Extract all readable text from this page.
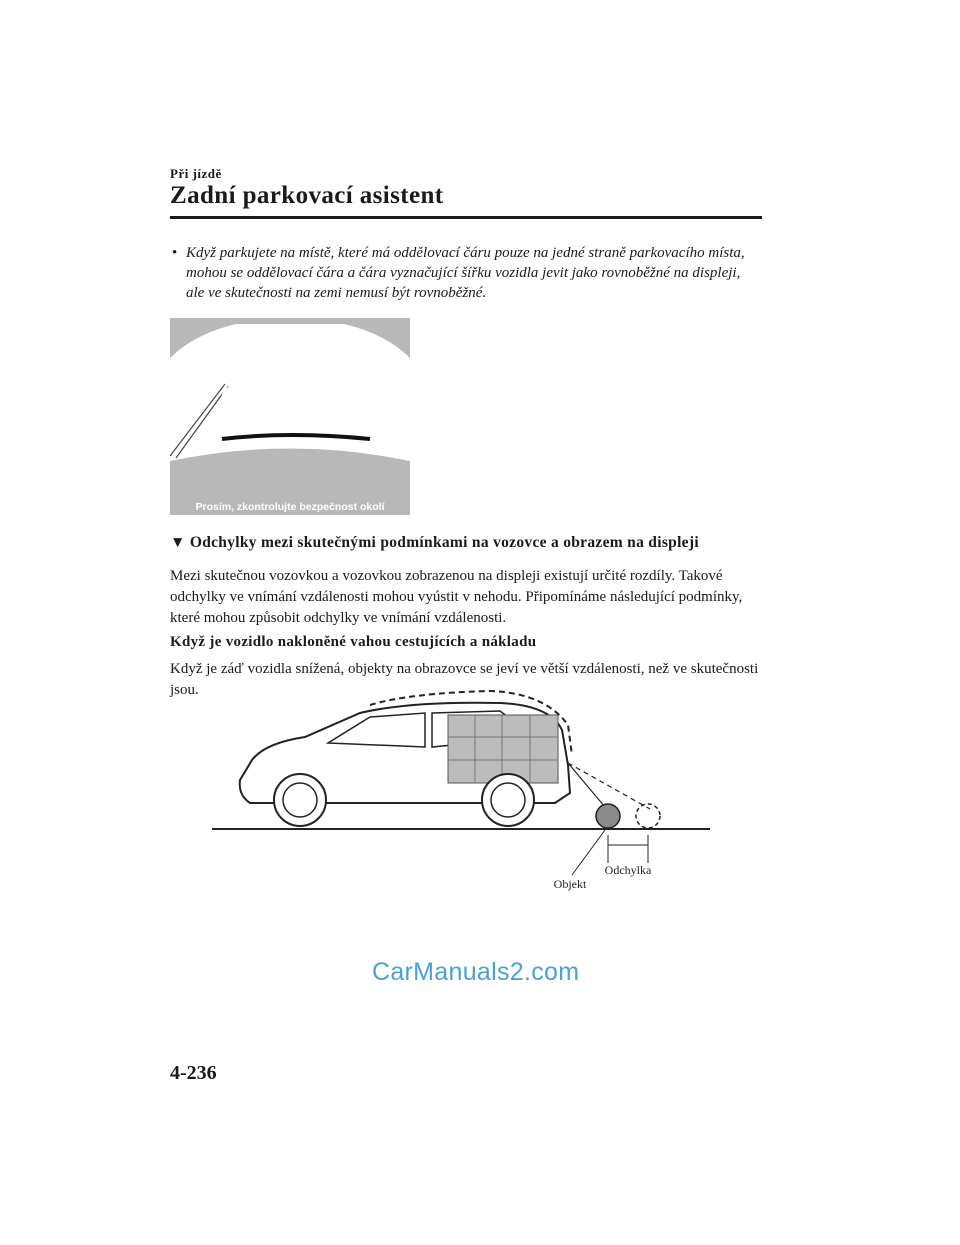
Při jízdě
Zadní parkovací asistent
• Když parkujete na místě, které má oddělovací čáru pouze na jedné straně parkovacího místa, mohou se oddělovací čára a čára vyznačující šířku vozidla jevit jako rovnoběžné na displeji, ale ve skutečnosti na zemi nemusí být rovnoběžné.
Prosím, zkontrolujte bezpečnost okolí
▼ Odchylky mezi skutečnými podmínkami na vozovce a obrazem na displeji
Mezi skutečnou vozovkou a vozovkou zobrazenou na displeji existují určité rozdíly. Takové odchylky ve vnímání vzdálenosti mohou vyústit v nehodu. Připomínáme následující podmínky, které mohou způsobit odchylky ve vnímání vzdálenosti.
Když je vozidlo nakloněné vahou cestujících a nákladu
Když je záď vozidla snížená, objekty na obrazovce se jeví ve větší vzdálenosti, než ve skutečnosti jsou.
Objekt
Odchylka
CarManuals2.com
4-236
